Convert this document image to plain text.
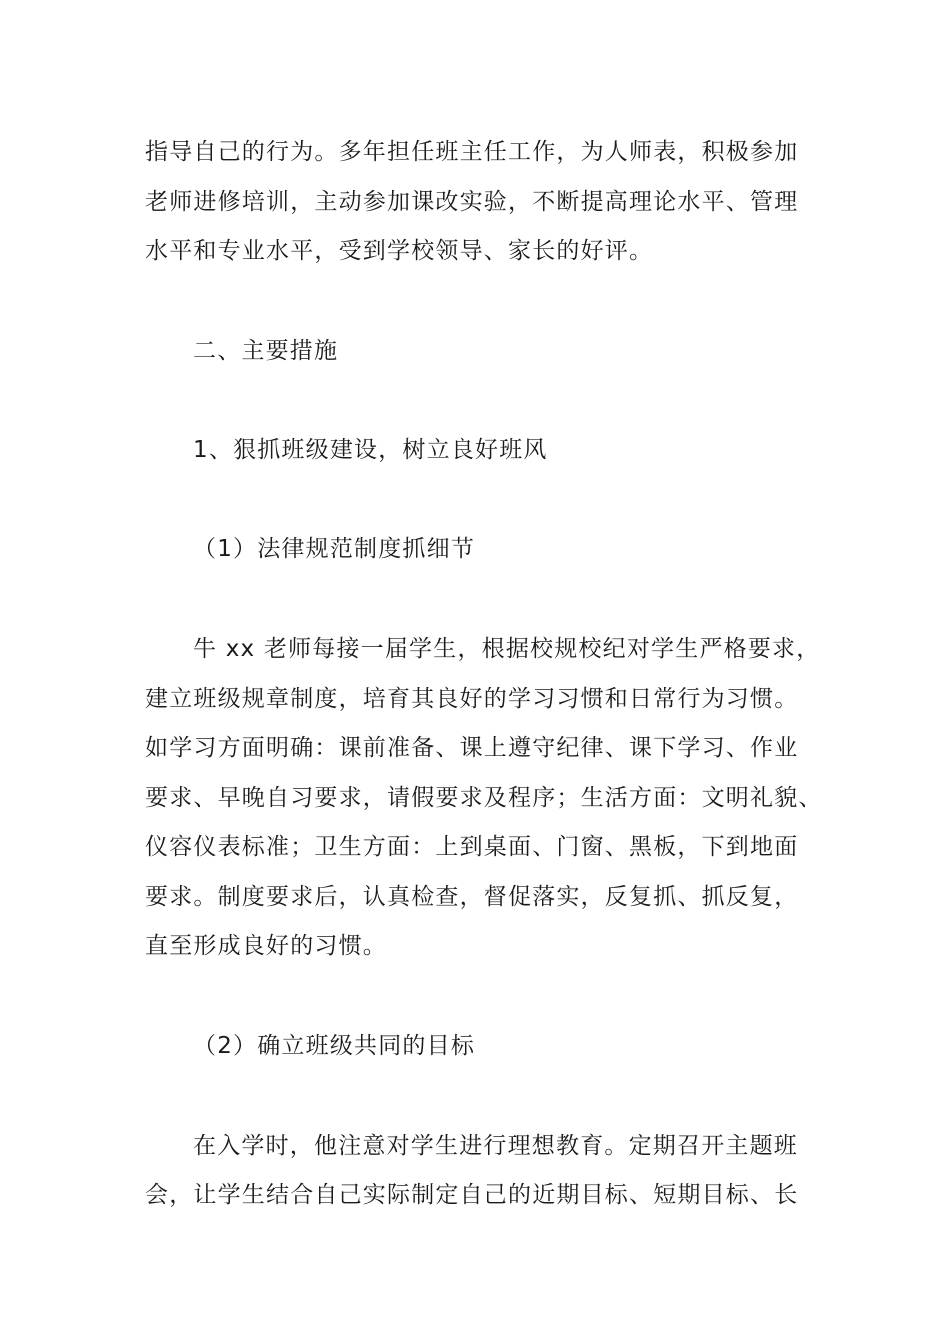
指导自己的行为。多年担任班主任工作，为人师表，积极参加
老师进修培训，主动参加课改实验，不断提高理论水平、管理
水平和专业水平，受到学校领导、家长的好评。
二、主要措施
1、狠抓班级建设，树立良好班风
（1）法律规范制度抓细节
牛 xx 老师每接一届学生，根据校规校纪对学生严格要求，
建立班级规章制度，培育其良好的学习习惯和日常行为习惯。
如学习方面明确：课前准备、课上遵守纪律、课下学习、作业
要求、早晚自习要求，请假要求及程序；生活方面：文明礼貌、
仪容仪表标准；卫生方面：上到桌面、门窗、黑板，下到地面
要求。制度要求后，认真检查，督促落实，反复抓、抓反复，
直至形成良好的习惯。
（2）确立班级共同的目标
在入学时，他注意对学生进行理想教育。定期召开主题班
会，让学生结合自己实际制定自己的近期目标、短期目标、长
